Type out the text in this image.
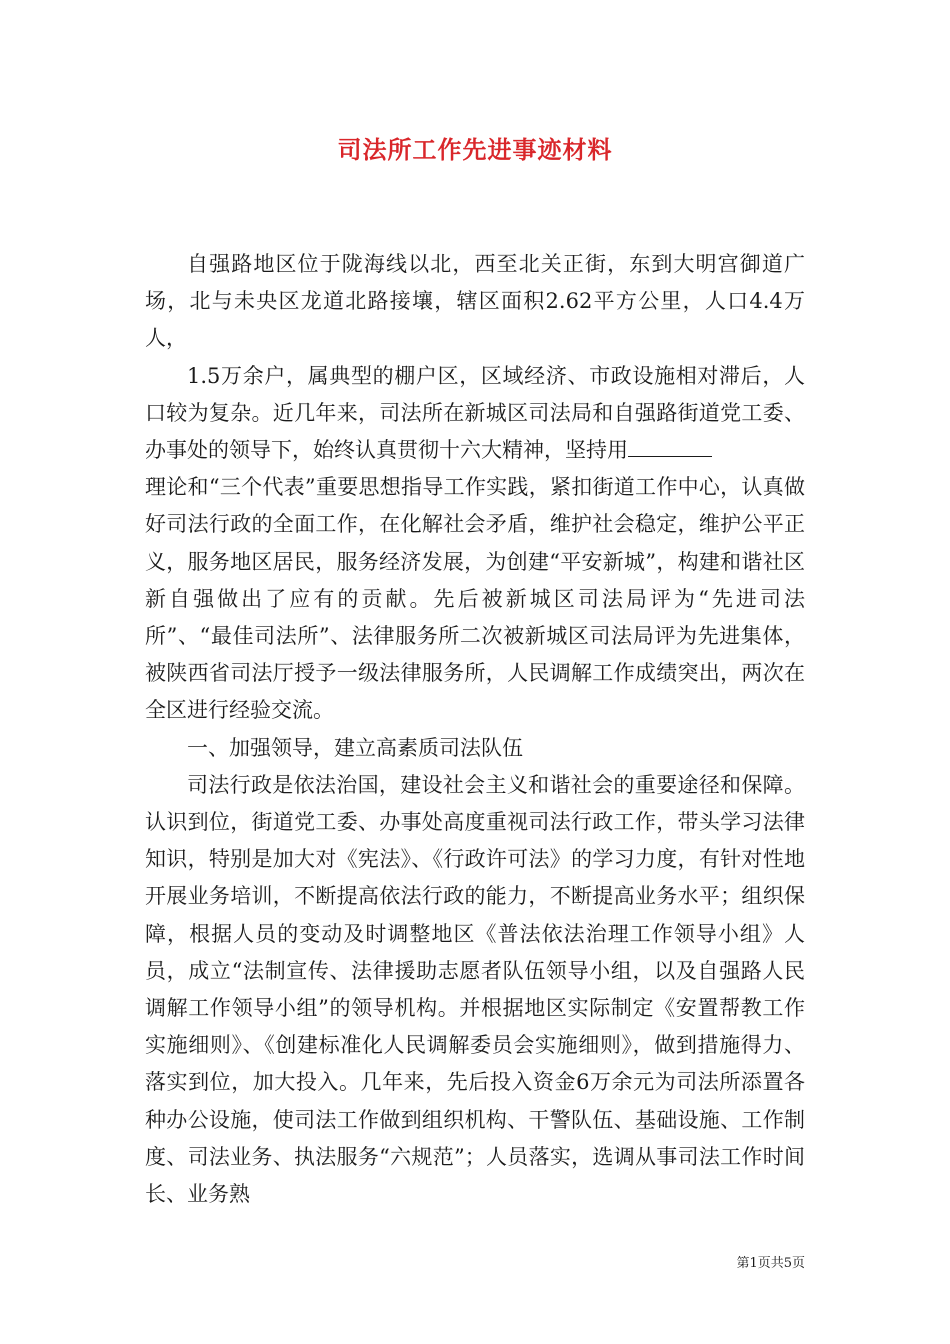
司法所工作先进事迹材料

自强路地区位于陇海线以北，西至北关正街，东到大明宫御道广场，北与未央区龙道北路接壤，辖区面积2.62平方公里，人口4.4万人，

1.5万余户，属典型的棚户区，区域经济、市政设施相对滞后，人口较为复杂。近几年来，司法所在新城区司法局和自强路街道党工委、办事处的领导下，始终认真贯彻十六大精神，坚持用

理论和“三个代表”重要思想指导工作实践，紧扣街道工作中心，认真做好司法行政的全面工作，在化解社会矛盾，维护社会稳定，维护公平正义，服务地区居民，服务经济发展，为创建“平安新城”，构建和谐社区新自强做出了应有的贡献。先后被新城区司法局评为“先进司法所”、“最佳司法所”、法律服务所二次被新城区司法局评为先进集体，被陕西省司法厅授予一级法律服务所，人民调解工作成绩突出，两次在全区进行经验交流。

一、加强领导，建立高素质司法队伍

司法行政是依法治国，建设社会主义和谐社会的重要途径和保障。认识到位，街道党工委、办事处高度重视司法行政工作，带头学习法律知识，特别是加大对《宪法》、《行政许可法》的学习力度，有针对性地开展业务培训，不断提高依法行政的能力，不断提高业务水平；组织保障，根据人员的变动及时调整地区《普法依法治理工作领导小组》人员，成立“法制宣传、法律援助志愿者队伍领导小组，以及自强路人民调解工作领导小组”的领导机构。并根据地区实际制定《安置帮教工作实施细则》、《创建标准化人民调解委员会实施细则》，做到措施得力、落实到位，加大投入。几年来，先后投入资金6万余元为司法所添置各种办公设施，使司法工作做到组织机构、干警队伍、基础设施、工作制度、司法业务、执法服务“六规范”；人员落实，选调从事司法工作时间长、业务熟

第1页共5页
